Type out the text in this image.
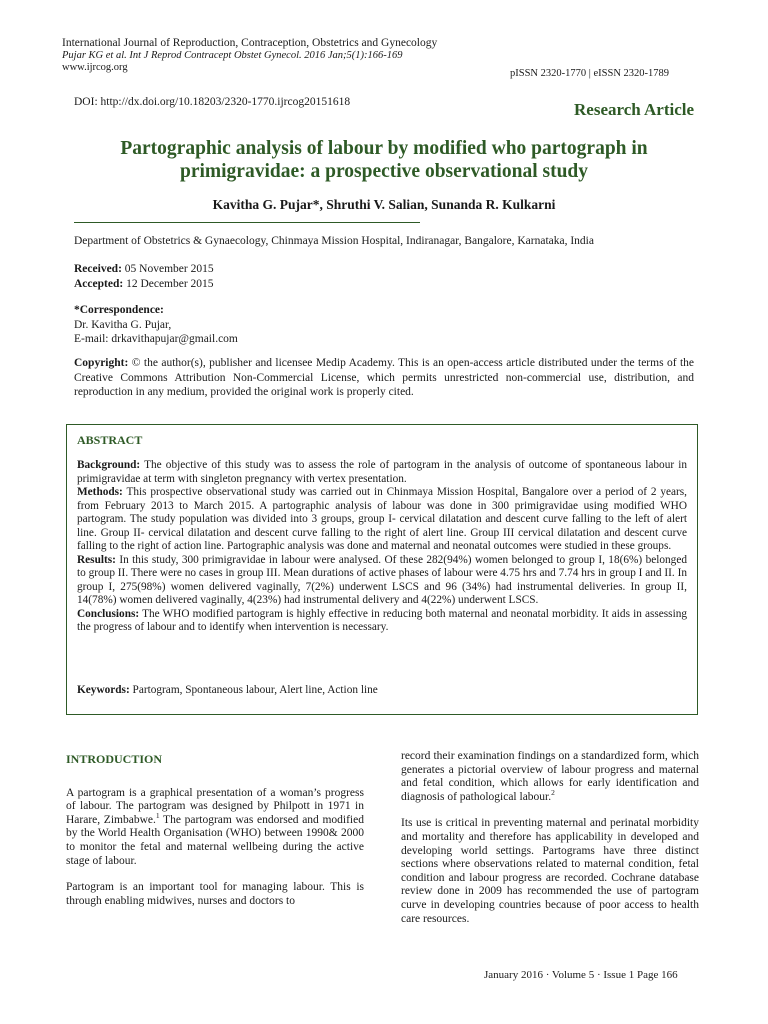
International Journal of Reproduction, Contraception, Obstetrics and Gynecology
Pujar KG et al. Int J Reprod Contracept Obstet Gynecol. 2016 Jan;5(1):166-169
www.ijrcog.org
pISSN 2320-1770 | eISSN 2320-1789
DOI: http://dx.doi.org/10.18203/2320-1770.ijrcog20151618	Research Article
Partographic analysis of labour by modified who partograph in
primigravidae: a prospective observational study
Kavitha G. Pujar*, Shruthi V. Salian, Sunanda R. Kulkarni
Department of Obstetrics & Gynaecology, Chinmaya Mission Hospital, Indiranagar, Bangalore, Karnataka, India
Received: 05 November 2015
Accepted: 12 December 2015
*Correspondence:
Dr. Kavitha G. Pujar,
E-mail: drkavithapujar@gmail.com
Copyright: © the author(s), publisher and licensee Medip Academy. This is an open-access article distributed under the terms of the Creative Commons Attribution Non-Commercial License, which permits unrestricted non-commercial use, distribution, and reproduction in any medium, provided the original work is properly cited.
ABSTRACT

Background: The objective of this study was to assess the role of partogram in the analysis of outcome of spontaneous labour in primigravidae at term with singleton pregnancy with vertex presentation.

Methods: This prospective observational study was carried out in Chinmaya Mission Hospital, Bangalore over a period of 2 years, from February 2013 to March 2015. A partographic analysis of labour was done in 300 primigravidae using modified WHO partogram. The study population was divided into 3 groups, group I- cervical dilatation and descent curve falling to the left of alert line. Group II- cervical dilatation and descent curve falling to the right of alert line. Group III cervical dilatation and descent curve falling to the right of action line. Partographic analysis was done and maternal and neonatal outcomes were studied in these groups.

Results: In this study, 300 primigravidae in labour were analysed. Of these 282(94%) women belonged to group I, 18(6%) belonged to group II. There were no cases in group III. Mean durations of active phases of labour were 4.75 hrs and 7.74 hrs in group I and II. In group I, 275(98%) women delivered vaginally, 7(2%) underwent LSCS and 96 (34%) had instrumental deliveries. In group II, 14(78%) women delivered vaginally, 4(23%) had instrumental delivery and 4(22%) underwent LSCS.

Conclusions: The WHO modified partogram is highly effective in reducing both maternal and neonatal morbidity. It aids in assessing the progress of labour and to identify when intervention is necessary.

Keywords: Partogram, Spontaneous labour, Alert line, Action line
INTRODUCTION
A partogram is a graphical presentation of a woman’s progress of labour. The partogram was designed by Philpott in 1971 in Harare, Zimbabwe.$^1$ The partogram was endorsed and modified by the World Health Organisation (WHO) between 1990& 2000 to monitor the fetal and maternal wellbeing during the active stage of labour.
Partogram is an important tool for managing labour. This is through enabling midwives, nurses and doctors to
record their examination findings on a standardized form, which generates a pictorial overview of labour progress and maternal and fetal condition, which allows for early identification and diagnosis of pathological labour.$^2$
Its use is critical in preventing maternal and perinatal morbidity and mortality and therefore has applicability in developed and developing world settings. Partograms have three distinct sections where observations related to maternal condition, fetal condition and labour progress are recorded. Cochrane database review done in 2009 has recommended the use of partogram curve in developing countries because of poor access to health care resources.
January 2016 · Volume 5 · Issue 1 Page 166
